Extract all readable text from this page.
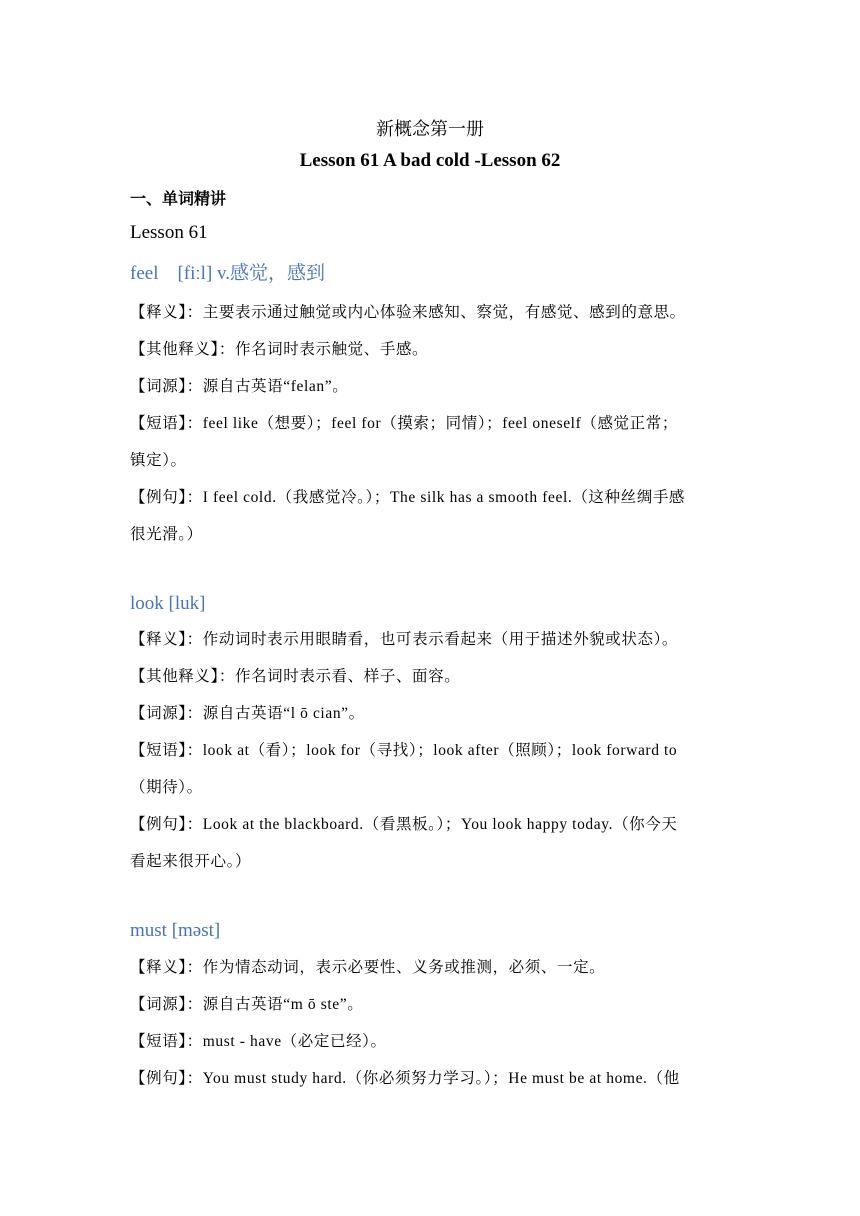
新概念第一册
Lesson 61 A bad cold -Lesson 62
一、单词精讲
Lesson 61
feel　[fiːl] v.感觉，感到
【释义】：主要表示通过触觉或内心体验来感知、察觉，有感觉、感到的意思。
【其他释义】：作名词时表示触觉、手感。
【词源】：源自古英语“felan”。
【短语】：feel like（想要）；feel for（摸索；同情）；feel oneself（感觉正常；
镇定）。
【例句】：I feel cold.（我感觉冷。）；The silk has a smooth feel.（这种丝绸手感
很光滑。）
look [luk]
【释义】：作动词时表示用眼睛看，也可表示看起来（用于描述外貌或状态）。
【其他释义】：作名词时表示看、样子、面容。
【词源】：源自古英语“l ō cian”。
【短语】：look at（看）；look for（寻找）；look after（照顾）；look forward to
（期待）。
【例句】：Look at the blackboard.（看黑板。）；You look happy today.（你今天
看起来很开心。）
must [məst]
【释义】：作为情态动词，表示必要性、义务或推测，必须、一定。
【词源】：源自古英语“m ō ste”。
【短语】：must - have（必定已经）。
【例句】：You must study hard.（你必须努力学习。）；He must be at home.（他
